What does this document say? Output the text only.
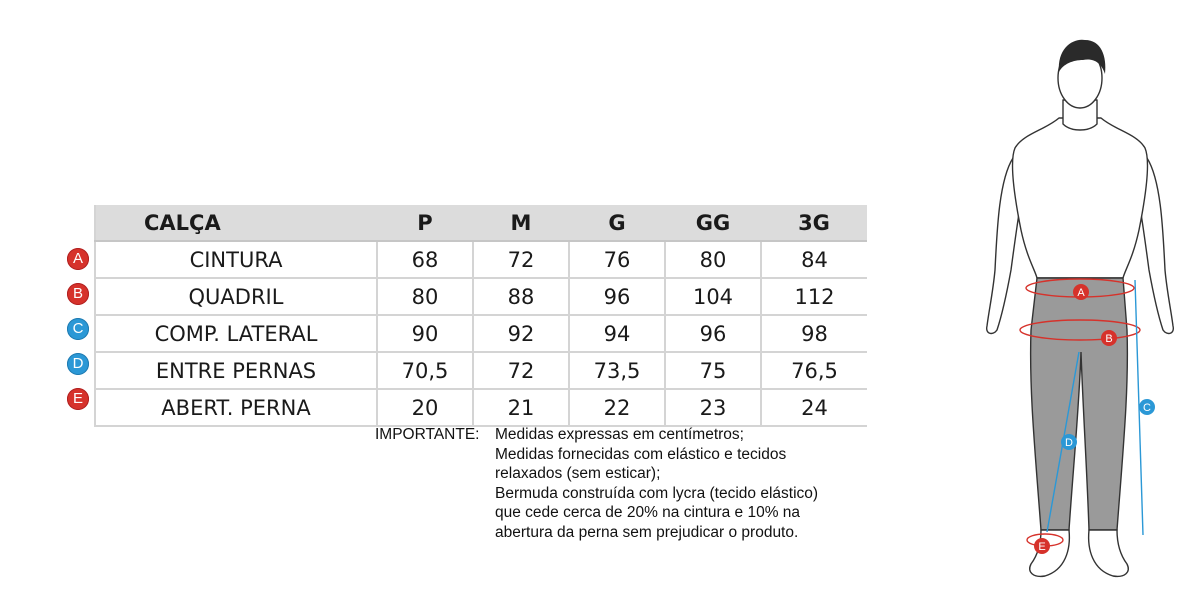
A
B
C
D
E
CALÇA	P	M	G	GG	3G
CINTURA	68	72	76	80	84
QUADRIL	80	88	96	104	112
COMP. LATERAL	90	92	94	96	98
ENTRE PERNAS	70,5	72	73,5	75	76,5
ABERT. PERNA	20	21	22	23	24
IMPORTANTE:	Medidas expressas em centímetros;
Medidas fornecidas com elástico e tecidos
relaxados (sem esticar);
Bermuda construída com lycra (tecido elástico)
que cede cerca de 20% na cintura e 10% na
abertura da perna sem prejudicar o produto.
A
B
C
D
E
